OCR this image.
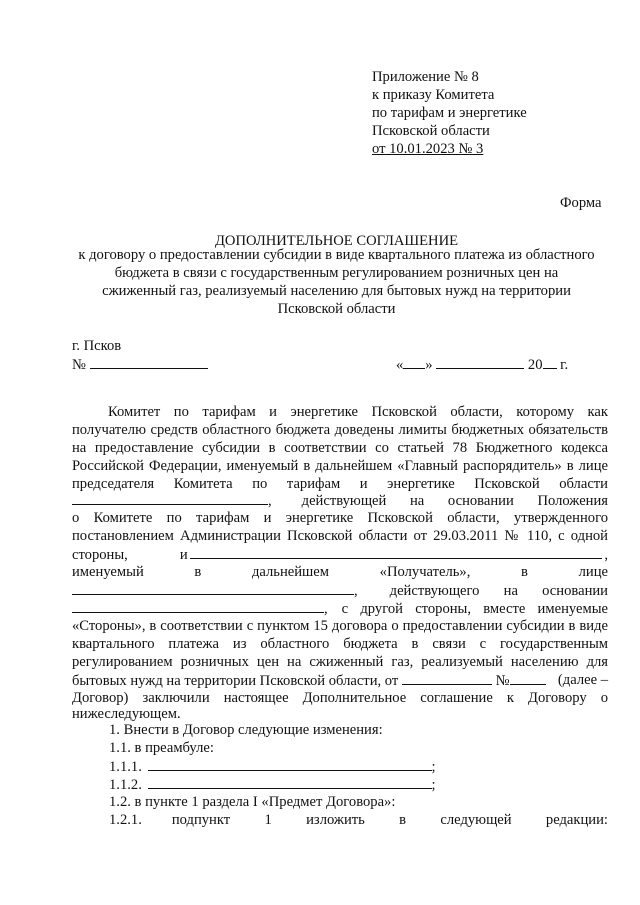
Приложение № 8
к приказу Комитета
по тарифам и энергетике
Псковской области
от 10.01.2023 № 3
Форма
ДОПОЛНИТЕЛЬНОЕ СОГЛАШЕНИЕ
к договору о предоставлении субсидии в виде квартального платежа из областного
бюджета в связи с государственным регулированием розничных цен на
сжиженный газ, реализуемый населению для бытовых нужд на территории
Псковской области
г. Псков
№	« »	20 г.
Комитет по тарифам и энергетике Псковской области, которому как
получателю средств областного бюджета доведены лимиты бюджетных обязательств
на предоставление субсидии в соответствии со статьей 78 Бюджетного кодекса
Российской Федерации, именуемый в дальнейшем «Главный распорядитель» в лице
председателя Комитета по тарифам и энергетике Псковской области
, действующей на основании Положения
о Комитете по тарифам и энергетике Псковской области, утвержденного
постановлением Администрации Псковской области от 29.03.2011 № 110, с одной
стороны,	и	,
именуемый в дальнейшем «Получатель», в лице
, действующего на основании
, с другой стороны, вместе именуемые
«Стороны», в соответствии с пунктом 15 договора о предоставлении субсидии в виде
квартального платежа из областного бюджета в связи с государственным
регулированием розничных цен на сжиженный газ, реализуемый населению для
бытовых нужд на территории Псковской области, от	№	(далее –
Договор) заключили настоящее Дополнительное соглашение к Договору о
нижеследующем.
1. Внести в Договор следующие изменения:
1.1. в преамбуле:
1.1.1.	;
1.1.2.	;
1.2. в пункте 1 раздела I «Предмет Договора»:
1.2.1. подпункт 1 изложить в следующей редакции:
